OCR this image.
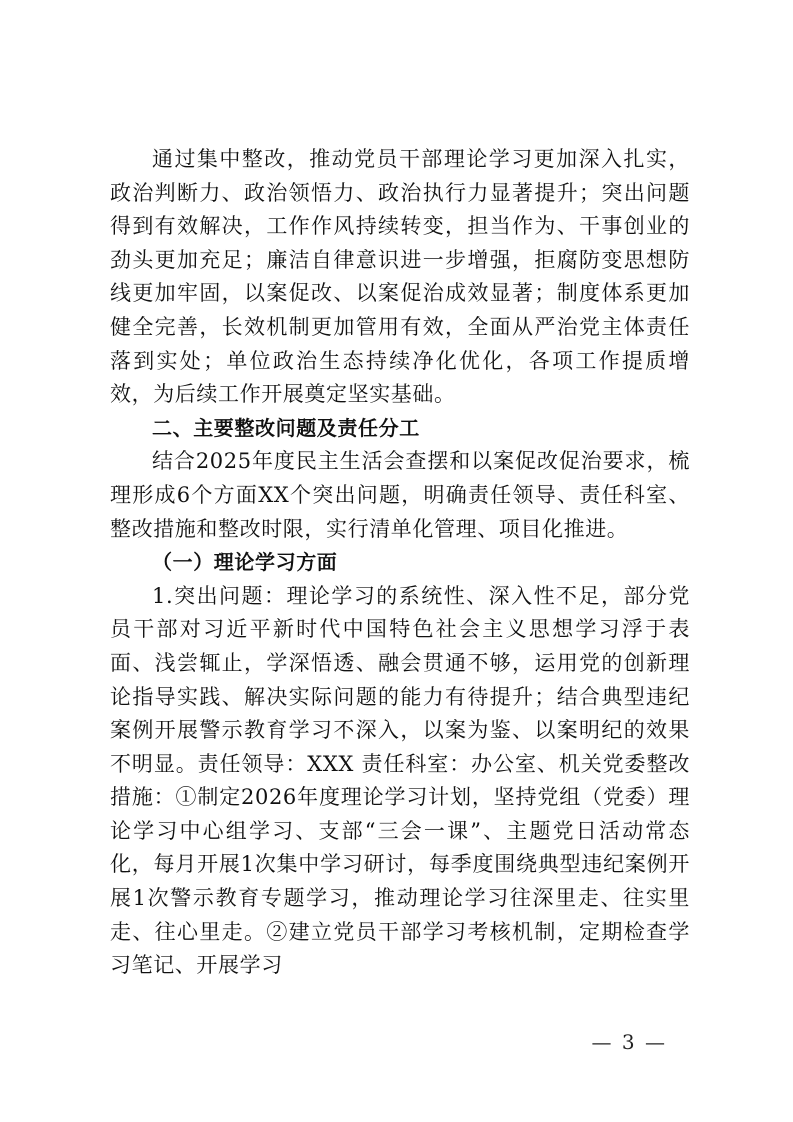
通过集中整改，推动党员干部理论学习更加深入扎实，政治判断力、政治领悟力、政治执行力显著提升；突出问题得到有效解决，工作作风持续转变，担当作为、干事创业的劲头更加充足；廉洁自律意识进一步增强，拒腐防变思想防线更加牢固，以案促改、以案促治成效显著；制度体系更加健全完善，长效机制更加管用有效，全面从严治党主体责任落到实处；单位政治生态持续净化优化，各项工作提质增效，为后续工作开展奠定坚实基础。

二、主要整改问题及责任分工

结合2025年度民主生活会查摆和以案促改促治要求，梳理形成6个方面XX个突出问题，明确责任领导、责任科室、整改措施和整改时限，实行清单化管理、项目化推进。

（一）理论学习方面

1.突出问题：理论学习的系统性、深入性不足，部分党员干部对习近平新时代中国特色社会主义思想学习浮于表面、浅尝辄止，学深悟透、融会贯通不够，运用党的创新理论指导实践、解决实际问题的能力有待提升；结合典型违纪案例开展警示教育学习不深入，以案为鉴、以案明纪的效果不明显。责任领导：XXX 责任科室：办公室、机关党委整改措施：①制定2026年度理论学习计划，坚持党组（党委）理论学习中心组学习、支部“三会一课”、主题党日活动常态化，每月开展1次集中学习研讨，每季度围绕典型违纪案例开展1次警示教育专题学习，推动理论学习往深里走、往实里走、往心里走。②建立党员干部学习考核机制，定期检查学习笔记、开展学习

— 3 —
